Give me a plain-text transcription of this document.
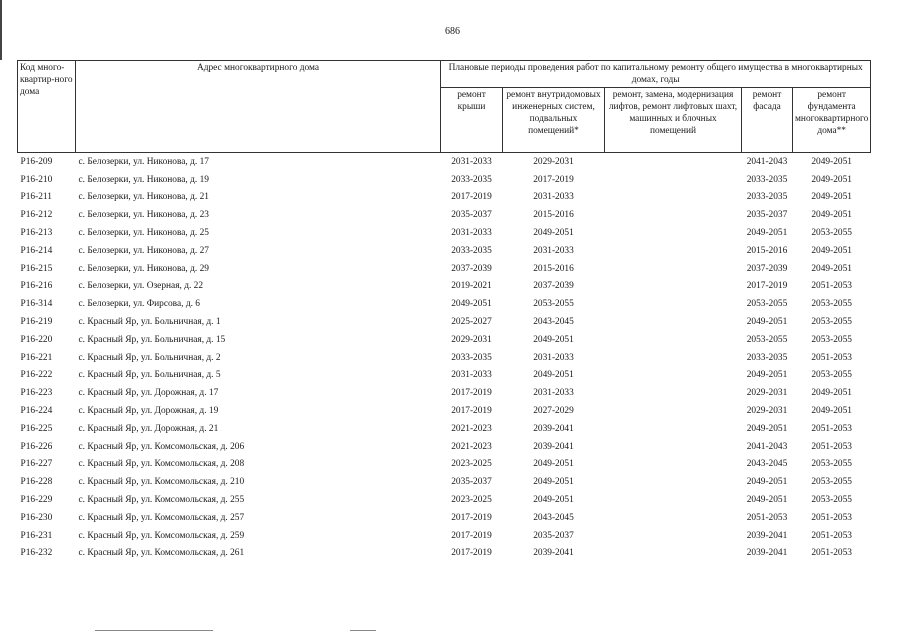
686
Код много-квартир-ного дома	Адрес многоквартирного дома	Плановые периоды проведения работ по капитальному ремонту общего имущества в многоквартирных домах, годы				
		ремонт крыши	ремонт внутридомовых инженерных систем, подвальных помещений*	ремонт, замена, модернизация лифтов, ремонт лифтовых шахт, машинных и блочных помещений	ремонт фасада	ремонт фундамента многоквартирного дома**
P16-209	с. Белозерки, ул. Никонова, д. 17	2031-2033	2029-2031		2041-2043	2049-2051
P16-210	с. Белозерки, ул. Никонова, д. 19	2033-2035	2017-2019		2033-2035	2049-2051
P16-211	с. Белозерки, ул. Никонова, д. 21	2017-2019	2031-2033		2033-2035	2049-2051
P16-212	с. Белозерки, ул. Никонова, д. 23	2035-2037	2015-2016		2035-2037	2049-2051
P16-213	с. Белозерки, ул. Никонова, д. 25	2031-2033	2049-2051		2049-2051	2053-2055
P16-214	с. Белозерки, ул. Никонова, д. 27	2033-2035	2031-2033		2015-2016	2049-2051
P16-215	с. Белозерки, ул. Никонова, д. 29	2037-2039	2015-2016		2037-2039	2049-2051
P16-216	с. Белозерки, ул. Озерная, д. 22	2019-2021	2037-2039		2017-2019	2051-2053
P16-314	с. Белозерки, ул. Фирсова, д. 6	2049-2051	2053-2055		2053-2055	2053-2055
P16-219	с. Красный Яр, ул. Больничная, д. 1	2025-2027	2043-2045		2049-2051	2053-2055
P16-220	с. Красный Яр, ул. Больничная, д. 15	2029-2031	2049-2051		2053-2055	2053-2055
P16-221	с. Красный Яр, ул. Больничная, д. 2	2033-2035	2031-2033		2033-2035	2051-2053
P16-222	с. Красный Яр, ул. Больничная, д. 5	2031-2033	2049-2051		2049-2051	2053-2055
P16-223	с. Красный Яр, ул. Дорожная, д. 17	2017-2019	2031-2033		2029-2031	2049-2051
P16-224	с. Красный Яр, ул. Дорожная, д. 19	2017-2019	2027-2029		2029-2031	2049-2051
P16-225	с. Красный Яр, ул. Дорожная, д. 21	2021-2023	2039-2041		2049-2051	2051-2053
P16-226	с. Красный Яр, ул. Комсомольская, д. 206	2021-2023	2039-2041		2041-2043	2051-2053
P16-227	с. Красный Яр, ул. Комсомольская, д. 208	2023-2025	2049-2051		2043-2045	2053-2055
P16-228	с. Красный Яр, ул. Комсомольская, д. 210	2035-2037	2049-2051		2049-2051	2053-2055
P16-229	с. Красный Яр, ул. Комсомольская, д. 255	2023-2025	2049-2051		2049-2051	2053-2055
P16-230	с. Красный Яр, ул. Комсомольская, д. 257	2017-2019	2043-2045		2051-2053	2051-2053
P16-231	с. Красный Яр, ул. Комсомольская, д. 259	2017-2019	2035-2037		2039-2041	2051-2053
P16-232	с. Красный Яр, ул. Комсомольская, д. 261	2017-2019	2039-2041		2039-2041	2051-2053
